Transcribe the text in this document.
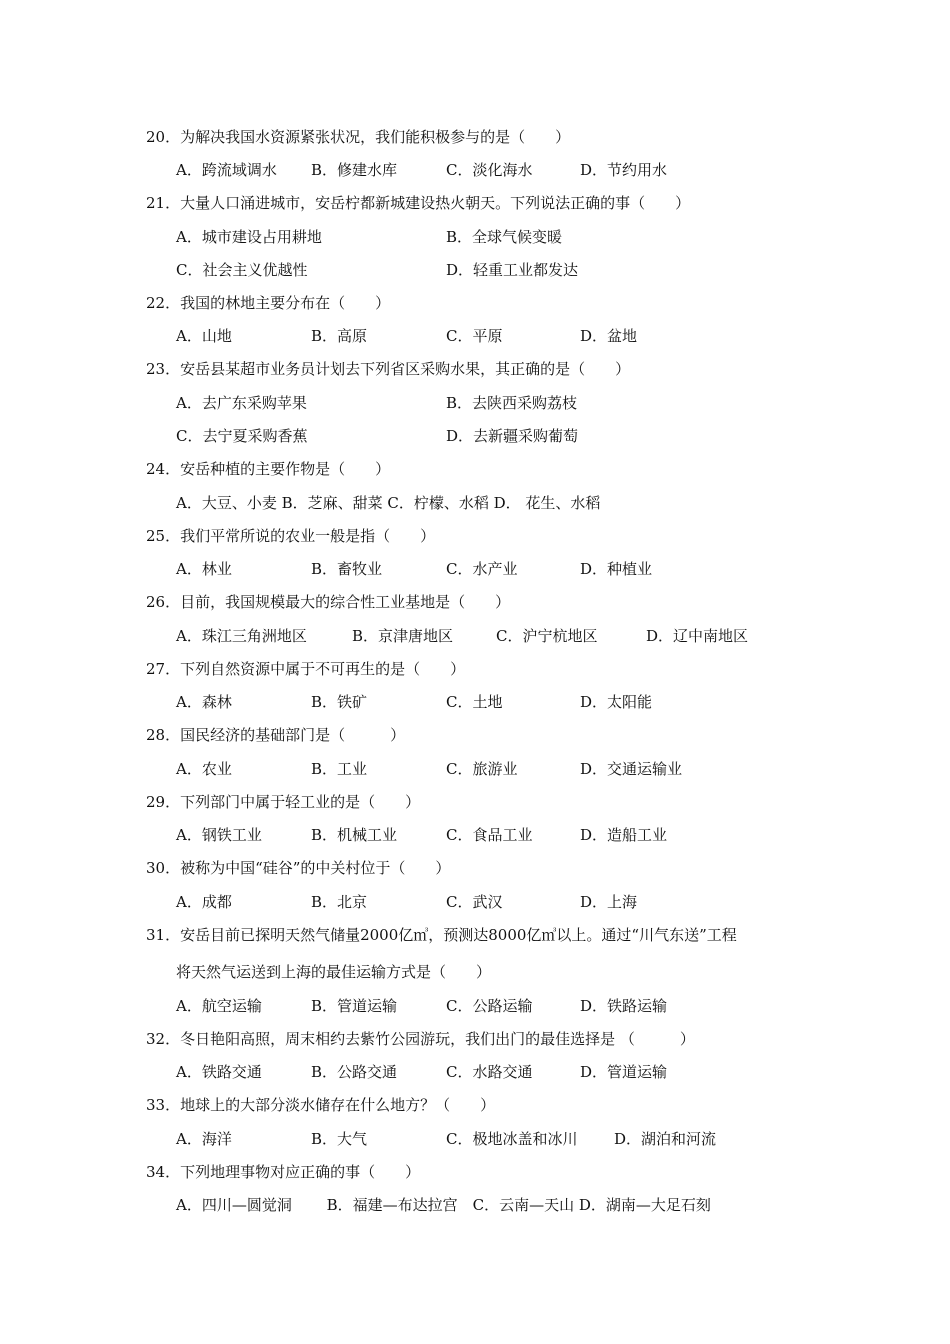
20．为解决我国水资源紧张状况，我们能积极参与的是（　　）
A．跨流域调水 B．修建水库	C．淡化海水	D．节约用水
21．大量人口涌进城市，安岳柠都新城建设热火朝天。下列说法正确的事（　　）
A．城市建设占用耕地	B．全球气候变暖
C．社会主义优越性	D．轻重工业都发达
22．我国的林地主要分布在（　　）
A．山地	B．高原	C．平原	D．盆地
23．安岳县某超市业务员计划去下列省区采购水果，其正确的是（　　）
A．去广东采购苹果	B．去陕西采购荔枝
C．去宁夏采购香蕉	D．去新疆采购葡萄
24．安岳种植的主要作物是（　　）
A．大豆、小麦 B．芝麻、甜菜 C．柠檬、水稻 D． 花生、水稻
25．我们平常所说的农业一般是指（　　）
A．林业	B．畜牧业	C．水产业	D．种植业
26．目前，我国规模最大的综合性工业基地是（　　）
A．珠江三角洲地区	B．京津唐地区	C．沪宁杭地区	D．辽中南地区
27．下列自然资源中属于不可再生的是（　　）
A．森林	B．铁矿	C．土地	D．太阳能
28．国民经济的基础部门是（　　　）
A．农业	B．工业	C．旅游业	D．交通运输业
29．下列部门中属于轻工业的是（　　）
A．钢铁工业	B．机械工业	C．食品工业	D．造船工业
30．被称为中国“硅谷”的中关村位于（　　）
A．成都	B．北京	C．武汉	D．上海
31．安岳目前已探明天然气储量2000亿㎥，预测达8000亿㎥以上。通过“川气东送”工程
将天然气运送到上海的最佳运输方式是（　　）
A．航空运输	B．管道运输	C．公路运输	D．铁路运输
32．冬日艳阳高照，周末相约去紫竹公园游玩，我们出门的最佳选择是 （　　　）
A．铁路交通	B．公路交通	C．水路交通	D．管道运输
33．地球上的大部分淡水储存在什么地方？（　　）
A．海洋	B．大气	C．极地冰盖和冰川 D．湖泊和河流
34．下列地理事物对应正确的事（　　）
A．四川—圆觉洞　　 B．福建—布达拉宫　C．云南—天山 D．湖南—大足石刻
